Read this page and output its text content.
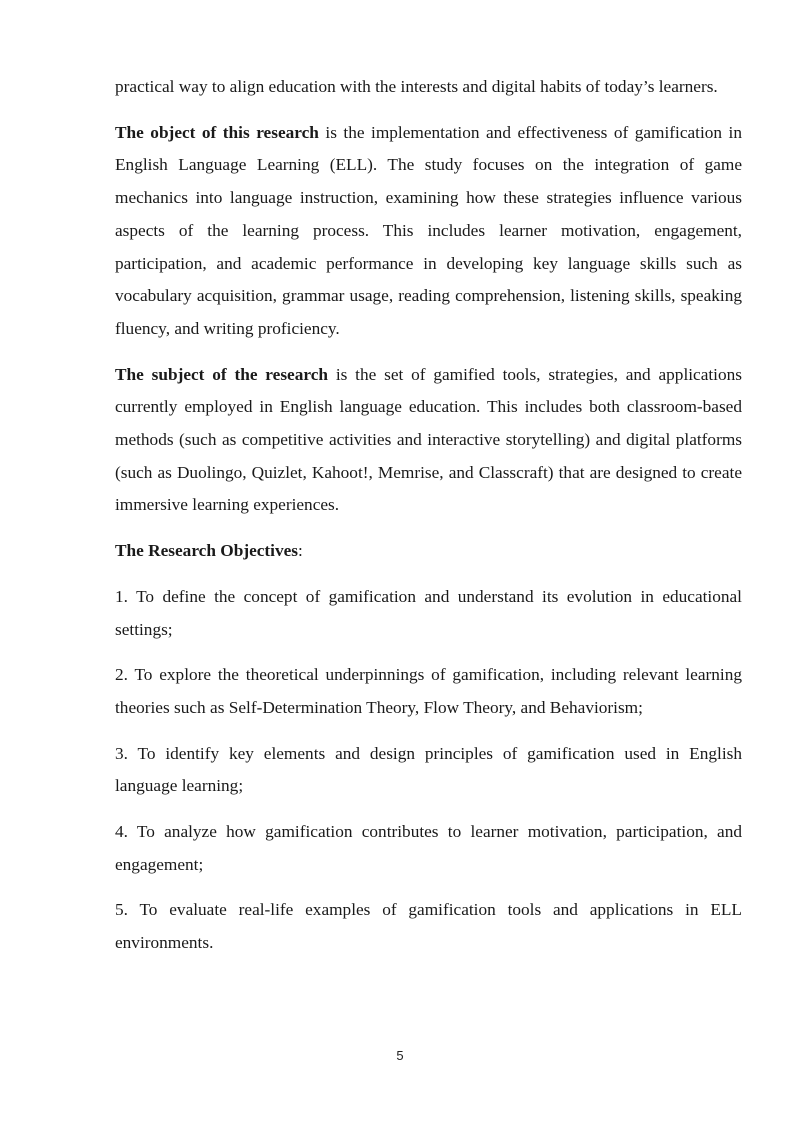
practical way to align education with the interests and digital habits of today’s learners.

The object of this research is the implementation and effectiveness of gamification in English Language Learning (ELL). The study focuses on the integration of game mechanics into language instruction, examining how these strategies influence various aspects of the learning process. This includes learner motivation, engagement, participation, and academic performance in developing key language skills such as vocabulary acquisition, grammar usage, reading comprehension, listening skills, speaking fluency, and writing proficiency.

The subject of the research is the set of gamified tools, strategies, and applications currently employed in English language education. This includes both classroom-based methods (such as competitive activities and interactive storytelling) and digital platforms (such as Duolingo, Quizlet, Kahoot!, Memrise, and Classcraft) that are designed to create immersive learning experiences.

The Research Objectives:

1. To define the concept of gamification and understand its evolution in educational settings;

2. To explore the theoretical underpinnings of gamification, including relevant learning theories such as Self-Determination Theory, Flow Theory, and Behaviorism;

3. To identify key elements and design principles of gamification used in English language learning;

4. To analyze how gamification contributes to learner motivation, participation, and engagement;

5. To evaluate real-life examples of gamification tools and applications in ELL environments.

5
